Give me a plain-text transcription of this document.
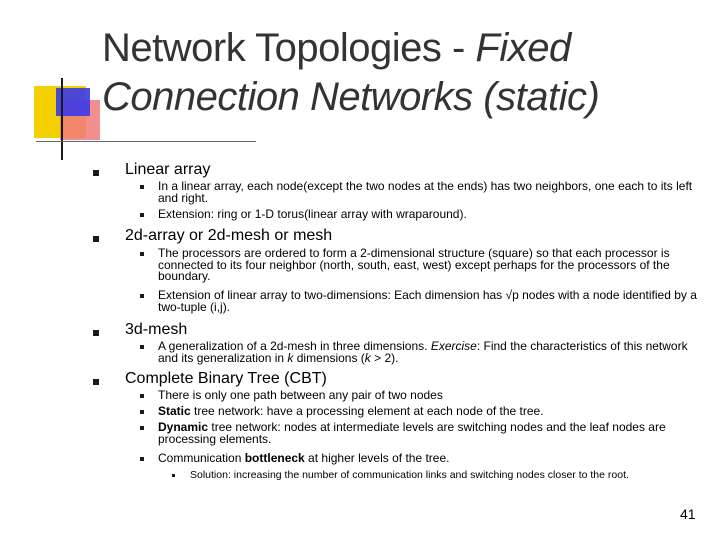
Network Topologies - Fixed
Connection Networks (static)
Linear array
In a linear array, each node(except the two nodes at the ends) has two neighbors, one each to its left and right.
Extension: ring or 1-D torus(linear array with wraparound).
2d-array or 2d-mesh or mesh
The processors are ordered to form a 2-dimensional structure (square) so that each processor is connected to its four neighbor (north, south, east, west) except perhaps for the processors of the boundary.
Extension of linear array to two-dimensions: Each dimension has √p nodes with a node identified by a two-tuple (i,j).
3d-mesh
A generalization of a 2d-mesh in three dimensions. Exercise: Find the characteristics of this network and its generalization in k dimensions (k > 2).
Complete Binary Tree (CBT)
There is only one path between any pair of two nodes
Static tree network: have a processing element at each node of the tree.
Dynamic tree network: nodes at intermediate levels are switching nodes and the leaf nodes are processing elements.
Communication bottleneck at higher levels of the tree.
Solution: increasing the number of communication links and switching nodes closer to the root.
41
